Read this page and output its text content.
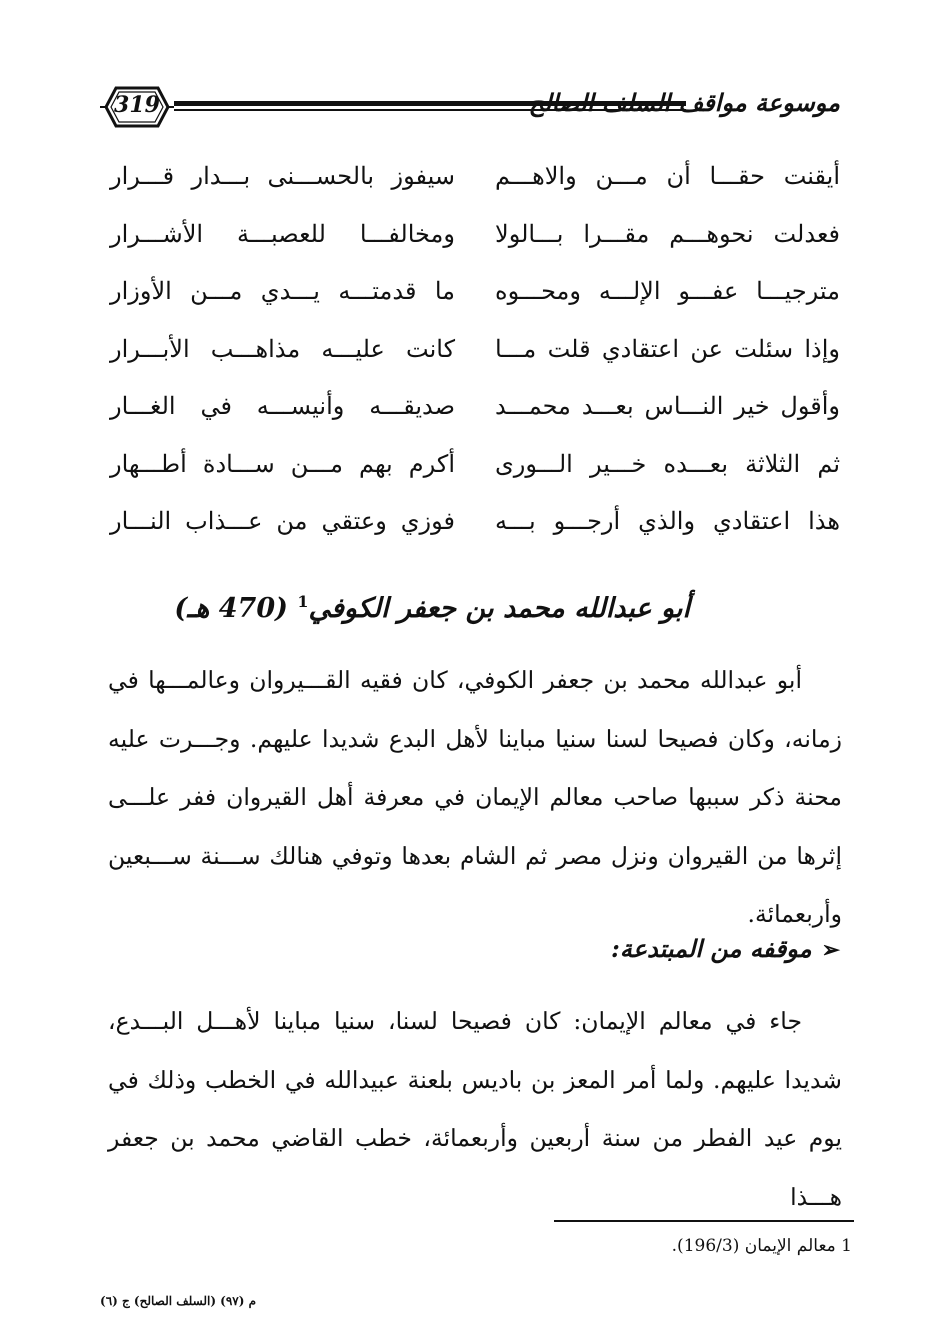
319	موسوعة مواقف السلف الصالح
أيقنت حقـــا أن مـــن والاهـــم
سيفوز بالحســـنى بـــدار قـــرار
فعدلت نحوهـــم مقـــرا بـــالولا
ومخالفـــا للعصبـــة الأشـــرار
مترجيـــا عفـــو الإلـــه ومحـــوه
ما قدمتـــه يـــدي مـــن الأوزار
وإذا سئلت عن اعتقادي قلت مـــا
كانت عليـــه مذاهـــب الأبـــرار
وأقول خير النـــاس بعـــد محمـــد
صديقـــه وأنيســـه في الغـــار
ثم الثلاثة بعـــده خـــير الـــورى
أكرم بهم مـــن ســـادة أطـــهار
هذا اعتقادي والذي أرجـــو بـــه
فوزي وعتقي من عـــذاب النـــار
أبو عبدالله محمد بن جعفر الكوفي$^1$ (470 هـ)
أبو عبدالله محمد بن جعفر الكوفي، كان فقيه القـــيروان وعالمـــها في زمانه، وكان فصيحا لسنا سنيا مباينا لأهل البدع شديدا عليهم. وجـــرت عليه محنة ذكر سببها صاحب معالم الإيمان في معرفة أهل القيروان ففر علـــى إثرها من القيروان ونزل مصر ثم الشام بعدها وتوفي هنالك ســـنة ســـبعين وأربعمائة.
➢موقفه من المبتدعة:
جاء في معالم الإيمان: كان فصيحا لسنا، سنيا مباينا لأهـــل البـــدع، شديدا عليهم. ولما أمر المعز بن باديس بلعنة عبيدالله في الخطب وذلك في يوم عيد الفطر من سنة أربعين وأربعمائة، خطب القاضي محمد بن جعفر هـــذا
1 معالم الإيمان (196/3).
م (٩٧) (السلف الصالح) ج (٦)
